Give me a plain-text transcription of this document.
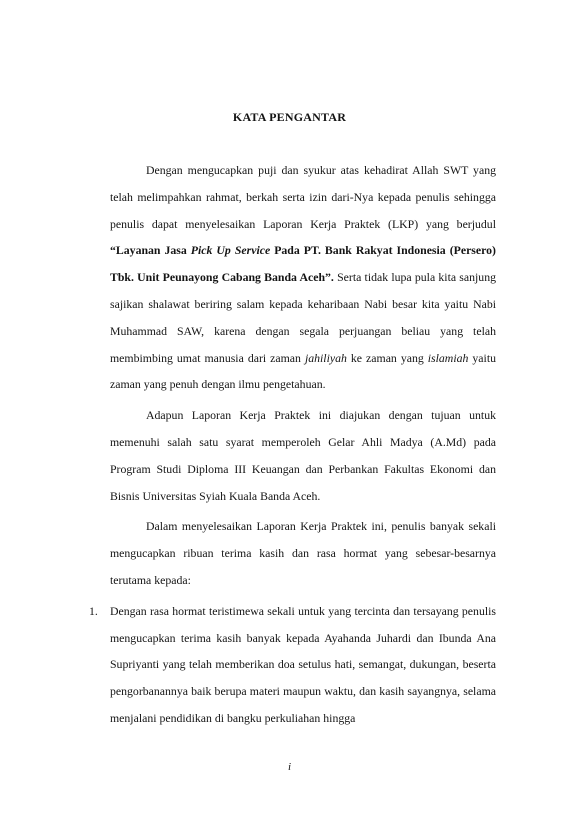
KATA PENGANTAR

Dengan mengucapkan puji dan syukur atas kehadirat Allah SWT yang telah melimpahkan rahmat, berkah serta izin dari-Nya kepada penulis sehingga penulis dapat menyelesaikan Laporan Kerja Praktek (LKP) yang berjudul “Layanan Jasa Pick Up Service Pada PT. Bank Rakyat Indonesia (Persero) Tbk. Unit Peunayong Cabang Banda Aceh”. Serta tidak lupa pula kita sanjung sajikan shalawat beriring salam kepada keharibaan Nabi besar kita yaitu Nabi Muhammad SAW, karena dengan segala perjuangan beliau yang telah membimbing umat manusia dari zaman jahiliyah ke zaman yang islamiah yaitu zaman yang penuh dengan ilmu pengetahuan.

Adapun Laporan Kerja Praktek ini diajukan dengan tujuan untuk memenuhi salah satu syarat memperoleh Gelar Ahli Madya (A.Md) pada Program Studi Diploma III Keuangan dan Perbankan Fakultas Ekonomi dan Bisnis Universitas Syiah Kuala Banda Aceh.

Dalam menyelesaikan Laporan Kerja Praktek ini, penulis banyak sekali mengucapkan ribuan terima kasih dan rasa hormat yang sebesar-besarnya terutama kepada:

1. Dengan rasa hormat teristimewa sekali untuk yang tercinta dan tersayang penulis mengucapkan terima kasih banyak kepada Ayahanda Juhardi dan Ibunda Ana Supriyanti yang telah memberikan doa setulus hati, semangat, dukungan, beserta pengorbanannya baik berupa materi maupun waktu, dan kasih sayangnya, selama menjalani pendidikan di bangku perkuliahan hingga
i
